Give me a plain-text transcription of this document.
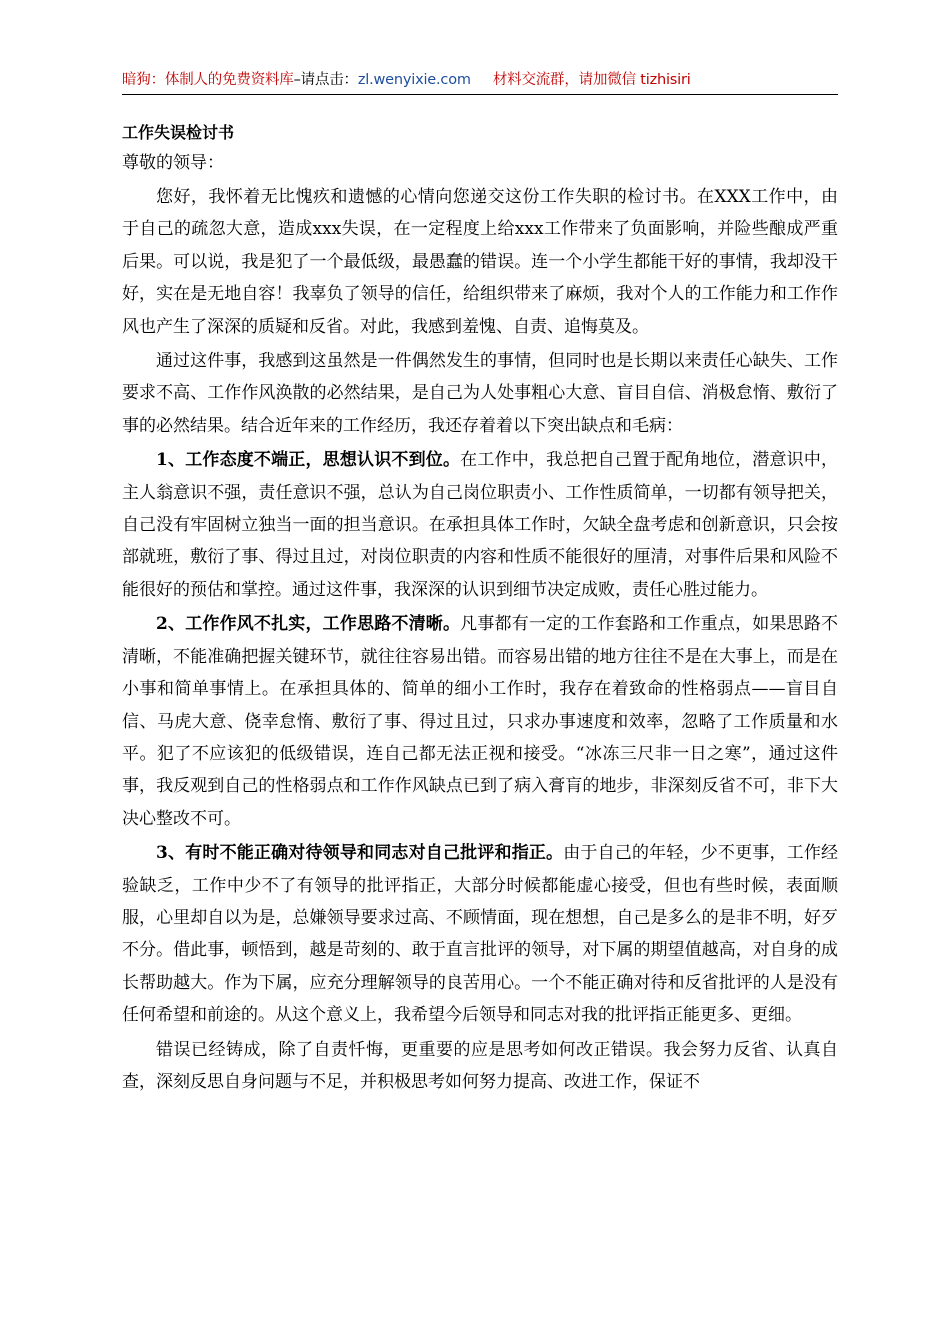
暗狗：体制人的免费资料库–请点击：zl.wenyixie.com 材料交流群，请加微信 tizhisiri

工作失误检讨书

尊敬的领导：

您好，我怀着无比愧疚和遗憾的心情向您递交这份工作失职的检讨书。在XXX工作中，由于自己的疏忽大意，造成xxx失误，在一定程度上给xxx工作带来了负面影响，并险些酿成严重后果。可以说，我是犯了一个最低级，最愚蠢的错误。连一个小学生都能干好的事情，我却没干好，实在是无地自容！我辜负了领导的信任，给组织带来了麻烦，我对个人的工作能力和工作作风也产生了深深的质疑和反省。对此，我感到羞愧、自责、追悔莫及。

通过这件事，我感到这虽然是一件偶然发生的事情，但同时也是长期以来责任心缺失、工作要求不高、工作作风涣散的必然结果，是自己为人处事粗心大意、盲目自信、消极怠惰、敷衍了事的必然结果。结合近年来的工作经历，我还存着着以下突出缺点和毛病：

1、工作态度不端正，思想认识不到位。在工作中，我总把自己置于配角地位，潜意识中，主人翁意识不强，责任意识不强，总认为自己岗位职责小、工作性质简单，一切都有领导把关，自己没有牢固树立独当一面的担当意识。在承担具体工作时，欠缺全盘考虑和创新意识，只会按部就班，敷衍了事、得过且过，对岗位职责的内容和性质不能很好的厘清，对事件后果和风险不能很好的预估和掌控。通过这件事，我深深的认识到细节决定成败，责任心胜过能力。

2、工作作风不扎实，工作思路不清晰。凡事都有一定的工作套路和工作重点，如果思路不清晰，不能准确把握关键环节，就往往容易出错。而容易出错的地方往往不是在大事上，而是在小事和简单事情上。在承担具体的、简单的细小工作时，我存在着致命的性格弱点——盲目自信、马虎大意、侥幸怠惰、敷衍了事、得过且过，只求办事速度和效率，忽略了工作质量和水平。犯了不应该犯的低级错误，连自己都无法正视和接受。“冰冻三尺非一日之寒”，通过这件事，我反观到自己的性格弱点和工作作风缺点已到了病入膏肓的地步，非深刻反省不可，非下大决心整改不可。

3、有时不能正确对待领导和同志对自己批评和指正。由于自己的年轻，少不更事，工作经验缺乏，工作中少不了有领导的批评指正，大部分时候都能虚心接受，但也有些时候，表面顺服，心里却自以为是，总嫌领导要求过高、不顾情面，现在想想，自己是多么的是非不明，好歹不分。借此事，顿悟到，越是苛刻的、敢于直言批评的领导，对下属的期望值越高，对自身的成长帮助越大。作为下属，应充分理解领导的良苦用心。一个不能正确对待和反省批评的人是没有任何希望和前途的。从这个意义上，我希望今后领导和同志对我的批评指正能更多、更细。

错误已经铸成，除了自责忏悔，更重要的应是思考如何改正错误。我会努力反省、认真自查，深刻反思自身问题与不足，并积极思考如何努力提高、改进工作，保证不
